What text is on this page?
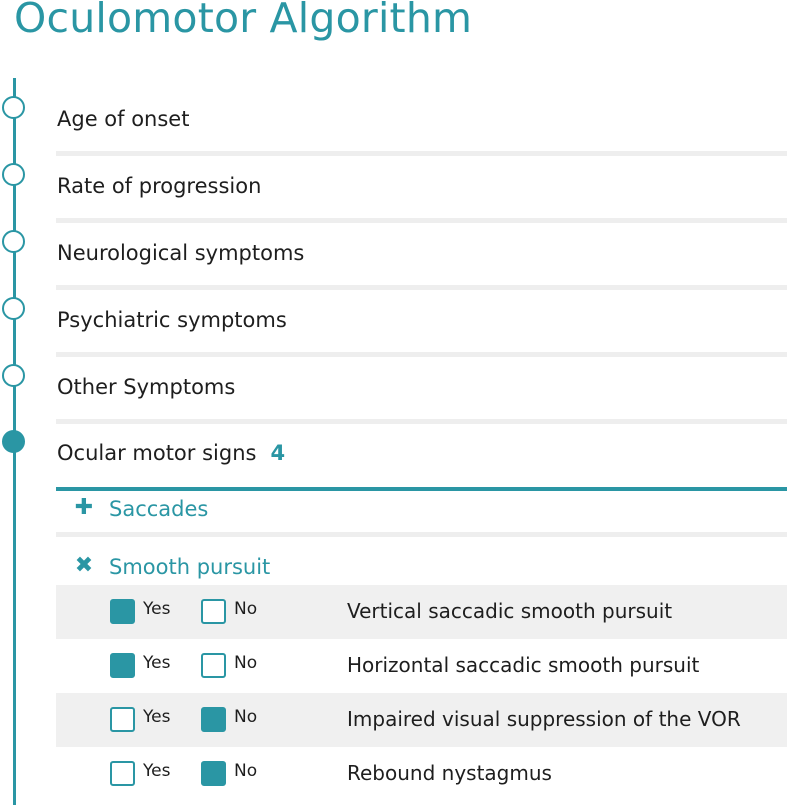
Oculomotor Algorithm
Age of onset
Rate of progression
Neurological symptoms
Psychiatric symptoms
Other Symptoms
Ocular motor signs 4
✚ Saccades
✖ Smooth pursuit
Yes	No	Vertical saccadic smooth pursuit
Yes	No	Horizontal saccadic smooth pursuit
Yes	No	Impaired visual suppression of the VOR
Yes	No	Rebound nystagmus
